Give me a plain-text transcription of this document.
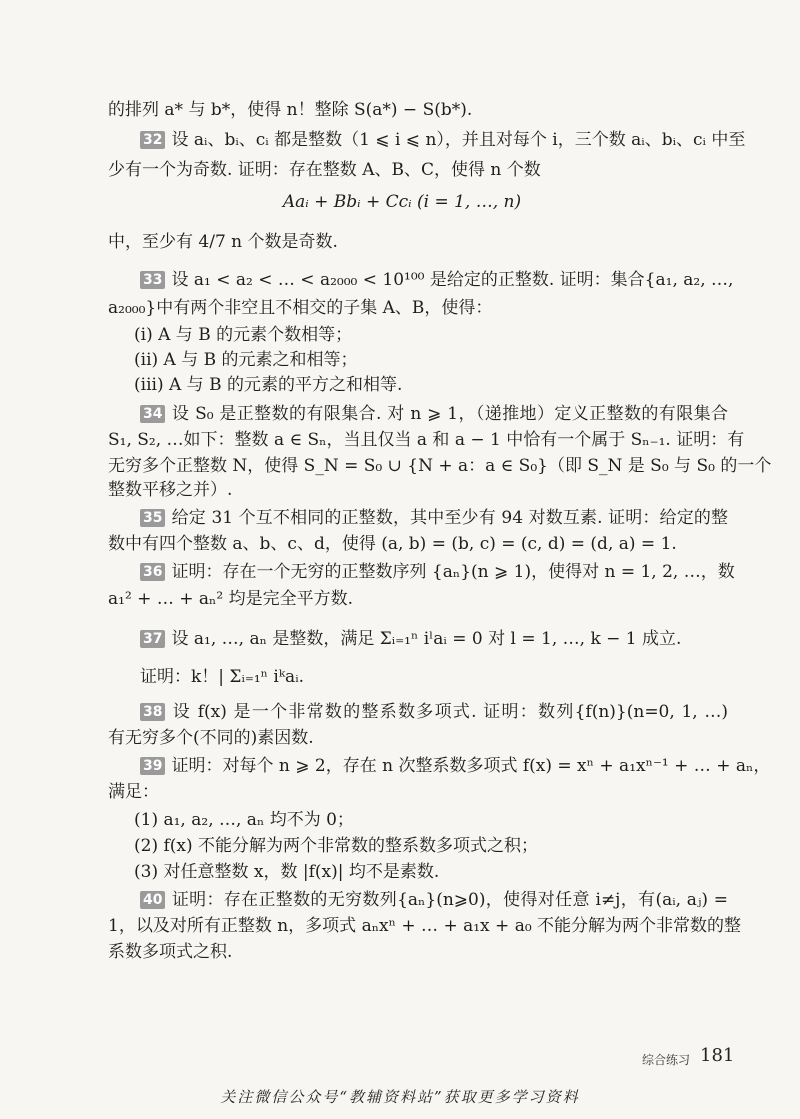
的排列 a* 与 b*，使得 n！整除 S(a*) − S(b*).
32 设 aᵢ、bᵢ、cᵢ 都是整数（1 ⩽ i ⩽ n），并且对每个 i，三个数 aᵢ、bᵢ、cᵢ 中至
少有一个为奇数. 证明：存在整数 A、B、C，使得 n 个数
Aaᵢ + Bbᵢ + Ccᵢ (i = 1, …, n)
中，至少有 4/7 n 个数是奇数.
33 设 a₁ < a₂ < … < a₂₀₀₀ < 10¹⁰⁰ 是给定的正整数. 证明：集合{a₁, a₂, …,
a₂₀₀₀}中有两个非空且不相交的子集 A、B，使得：
(i) A 与 B 的元素个数相等；
(ii) A 与 B 的元素之和相等；
(iii) A 与 B 的元素的平方之和相等.
34 设 S₀ 是正整数的有限集合. 对 n ⩾ 1，（递推地）定义正整数的有限集合
S₁, S₂, …如下：整数 a ∈ Sₙ，当且仅当 a 和 a − 1 中恰有一个属于 Sₙ₋₁. 证明：有
无穷多个正整数 N，使得 S_N = S₀ ∪ {N + a：a ∈ S₀}（即 S_N 是 S₀ 与 S₀ 的一个
整数平移之并）.
35 给定 31 个互不相同的正整数，其中至少有 94 对数互素. 证明：给定的整
数中有四个整数 a、b、c、d，使得 (a, b) = (b, c) = (c, d) = (d, a) = 1.
36 证明：存在一个无穷的正整数序列 {aₙ}(n ⩾ 1)，使得对 n = 1, 2, …，数
a₁² + … + aₙ² 均是完全平方数.
37 设 a₁, …, aₙ 是整数，满足 Σᵢ₌₁ⁿ iˡaᵢ = 0 对 l = 1, …, k − 1 成立.
证明：k！| Σᵢ₌₁ⁿ iᵏaᵢ.
38 设 f(x) 是一个非常数的整系数多项式. 证明：数列{f(n)}(n=0, 1, …)
有无穷多个(不同的)素因数.
39 证明：对每个 n ⩾ 2，存在 n 次整系数多项式 f(x) = xⁿ + a₁xⁿ⁻¹ + … + aₙ，
满足：
(1) a₁, a₂, …, aₙ 均不为 0；
(2) f(x) 不能分解为两个非常数的整系数多项式之积；
(3) 对任意整数 x，数 |f(x)| 均不是素数.
40 证明：存在正整数的无穷数列{aₙ}(n⩾0)，使得对任意 i≠j，有(aᵢ, aⱼ) =
1，以及对所有正整数 n，多项式 aₙxⁿ + … + a₁x + a₀ 不能分解为两个非常数的整
系数多项式之积.
综合练习 181
关注微信公众号“教辅资料站”获取更多学习资料
